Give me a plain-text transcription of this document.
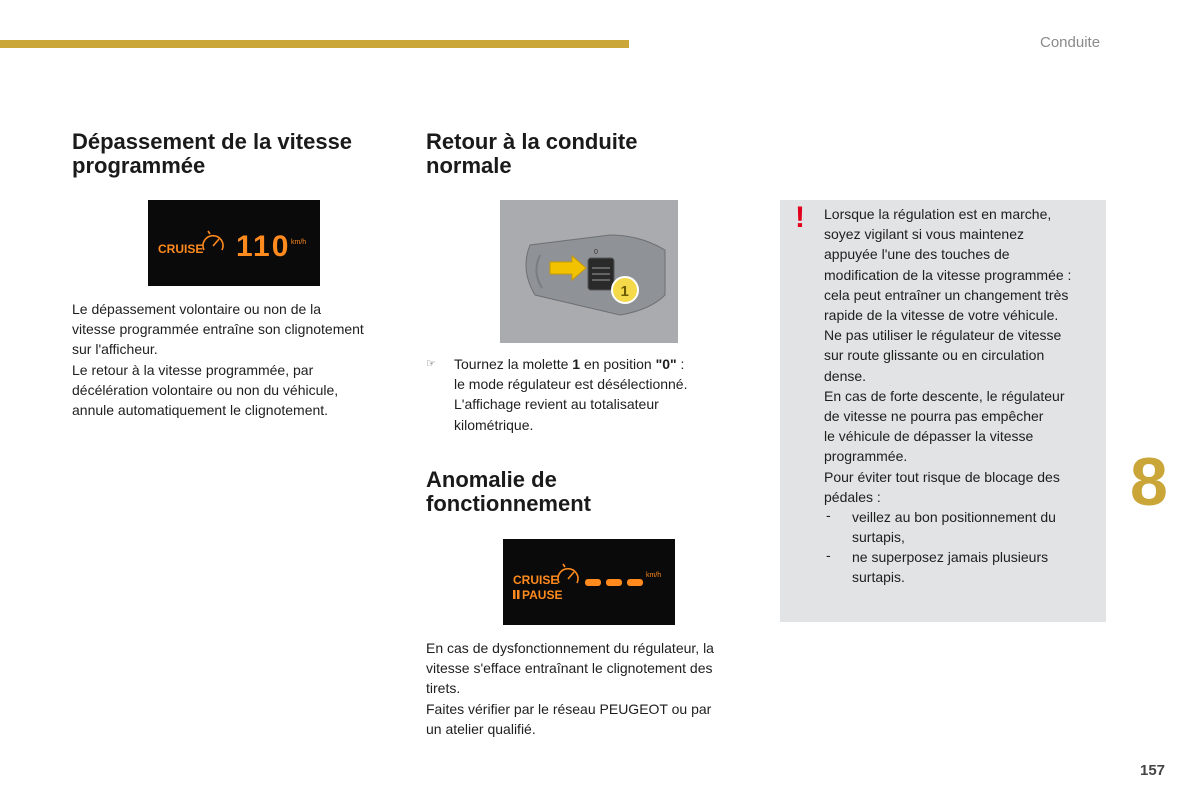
Conduite
Dépassement de la vitesse
programmée
CRUISE 110 km/h
Le dépassement volontaire ou non de la
vitesse programmée entraîne son clignotement
sur l'afficheur.
Le retour à la vitesse programmée, par
décélération volontaire ou non du véhicule,
annule automatiquement le clignotement.
Retour à la conduite
normale
0
1
☞ Tournez la molette 1 en position "0" :
le mode régulateur est désélectionné.
L'affichage revient au totalisateur
kilométrique.
Anomalie de
fonctionnement
CRUISE
PAUSE
km/h
En cas de dysfonctionnement du régulateur, la
vitesse s'efface entraînant le clignotement des
tirets.
Faites vérifier par le réseau PEUGEOT ou par
un atelier qualifié.
! Lorsque la régulation est en marche,
soyez vigilant si vous maintenez
appuyée l'une des touches de
modification de la vitesse programmée :
cela peut entraîner un changement très
rapide de la vitesse de votre véhicule.
Ne pas utiliser le régulateur de vitesse
sur route glissante ou en circulation
dense.
En cas de forte descente, le régulateur
de vitesse ne pourra pas empêcher
le véhicule de dépasser la vitesse
programmée.
Pour éviter tout risque de blocage des
pédales :
- veillez au bon positionnement du
surtapis,
- ne superposez jamais plusieurs
surtapis.
8
157
